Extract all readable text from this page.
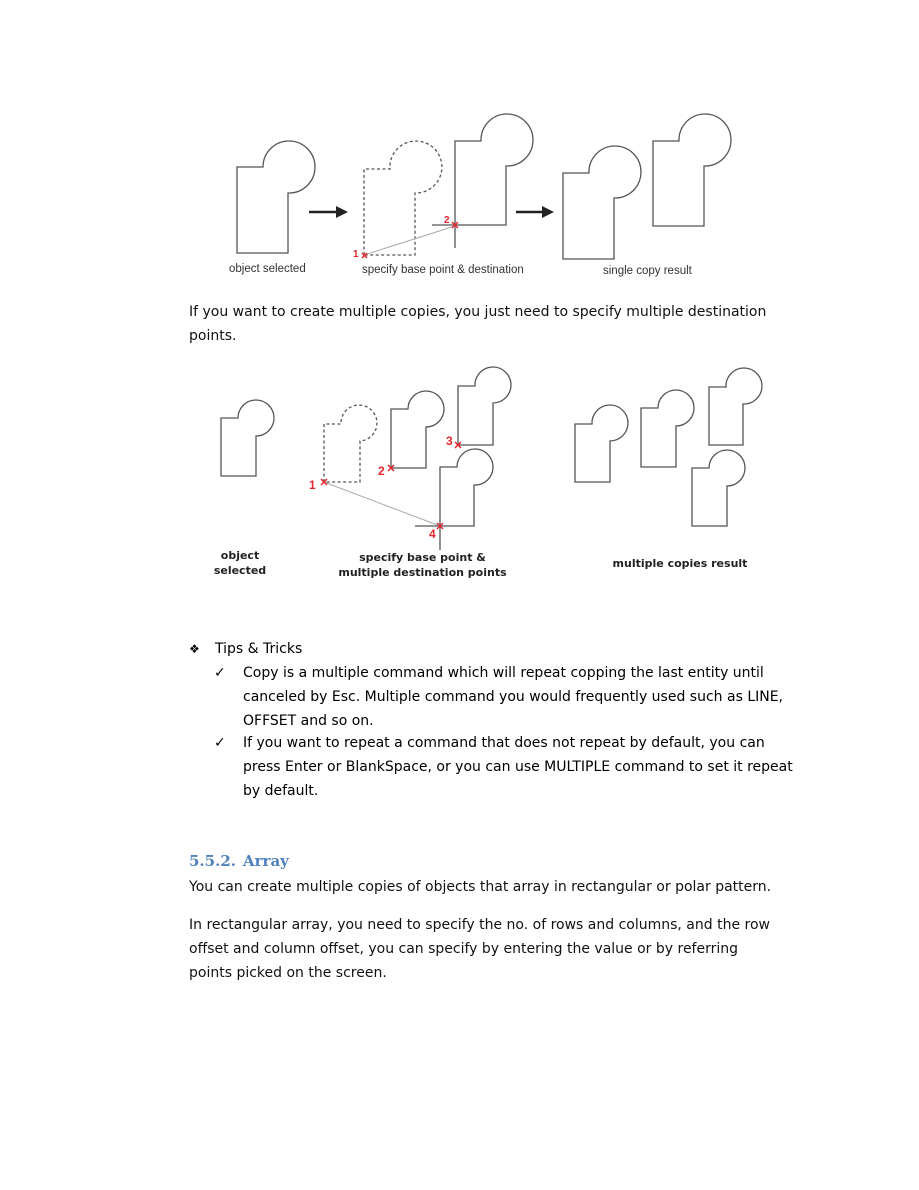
1
2
object selected	specify base point & destination	single copy result
If you want to create multiple copies, you just need to specify multiple destination points.
1
2
3
4
object
selected
specify base point &
multiple destination points
multiple copies result
❖ Tips & Tricks
✓ Copy is a multiple command which will repeat copping the last entity until canceled by Esc. Multiple command you would frequently used such as LINE, OFFSET and so on.
✓ If you want to repeat a command that does not repeat by default, you can press Enter or BlankSpace, or you can use MULTIPLE command to set it repeat by default.
5.5.2. Array
You can create multiple copies of objects that array in rectangular or polar pattern.
In rectangular array, you need to specify the no. of rows and columns, and the row offset and column offset, you can specify by entering the value or by referring points picked on the screen.
